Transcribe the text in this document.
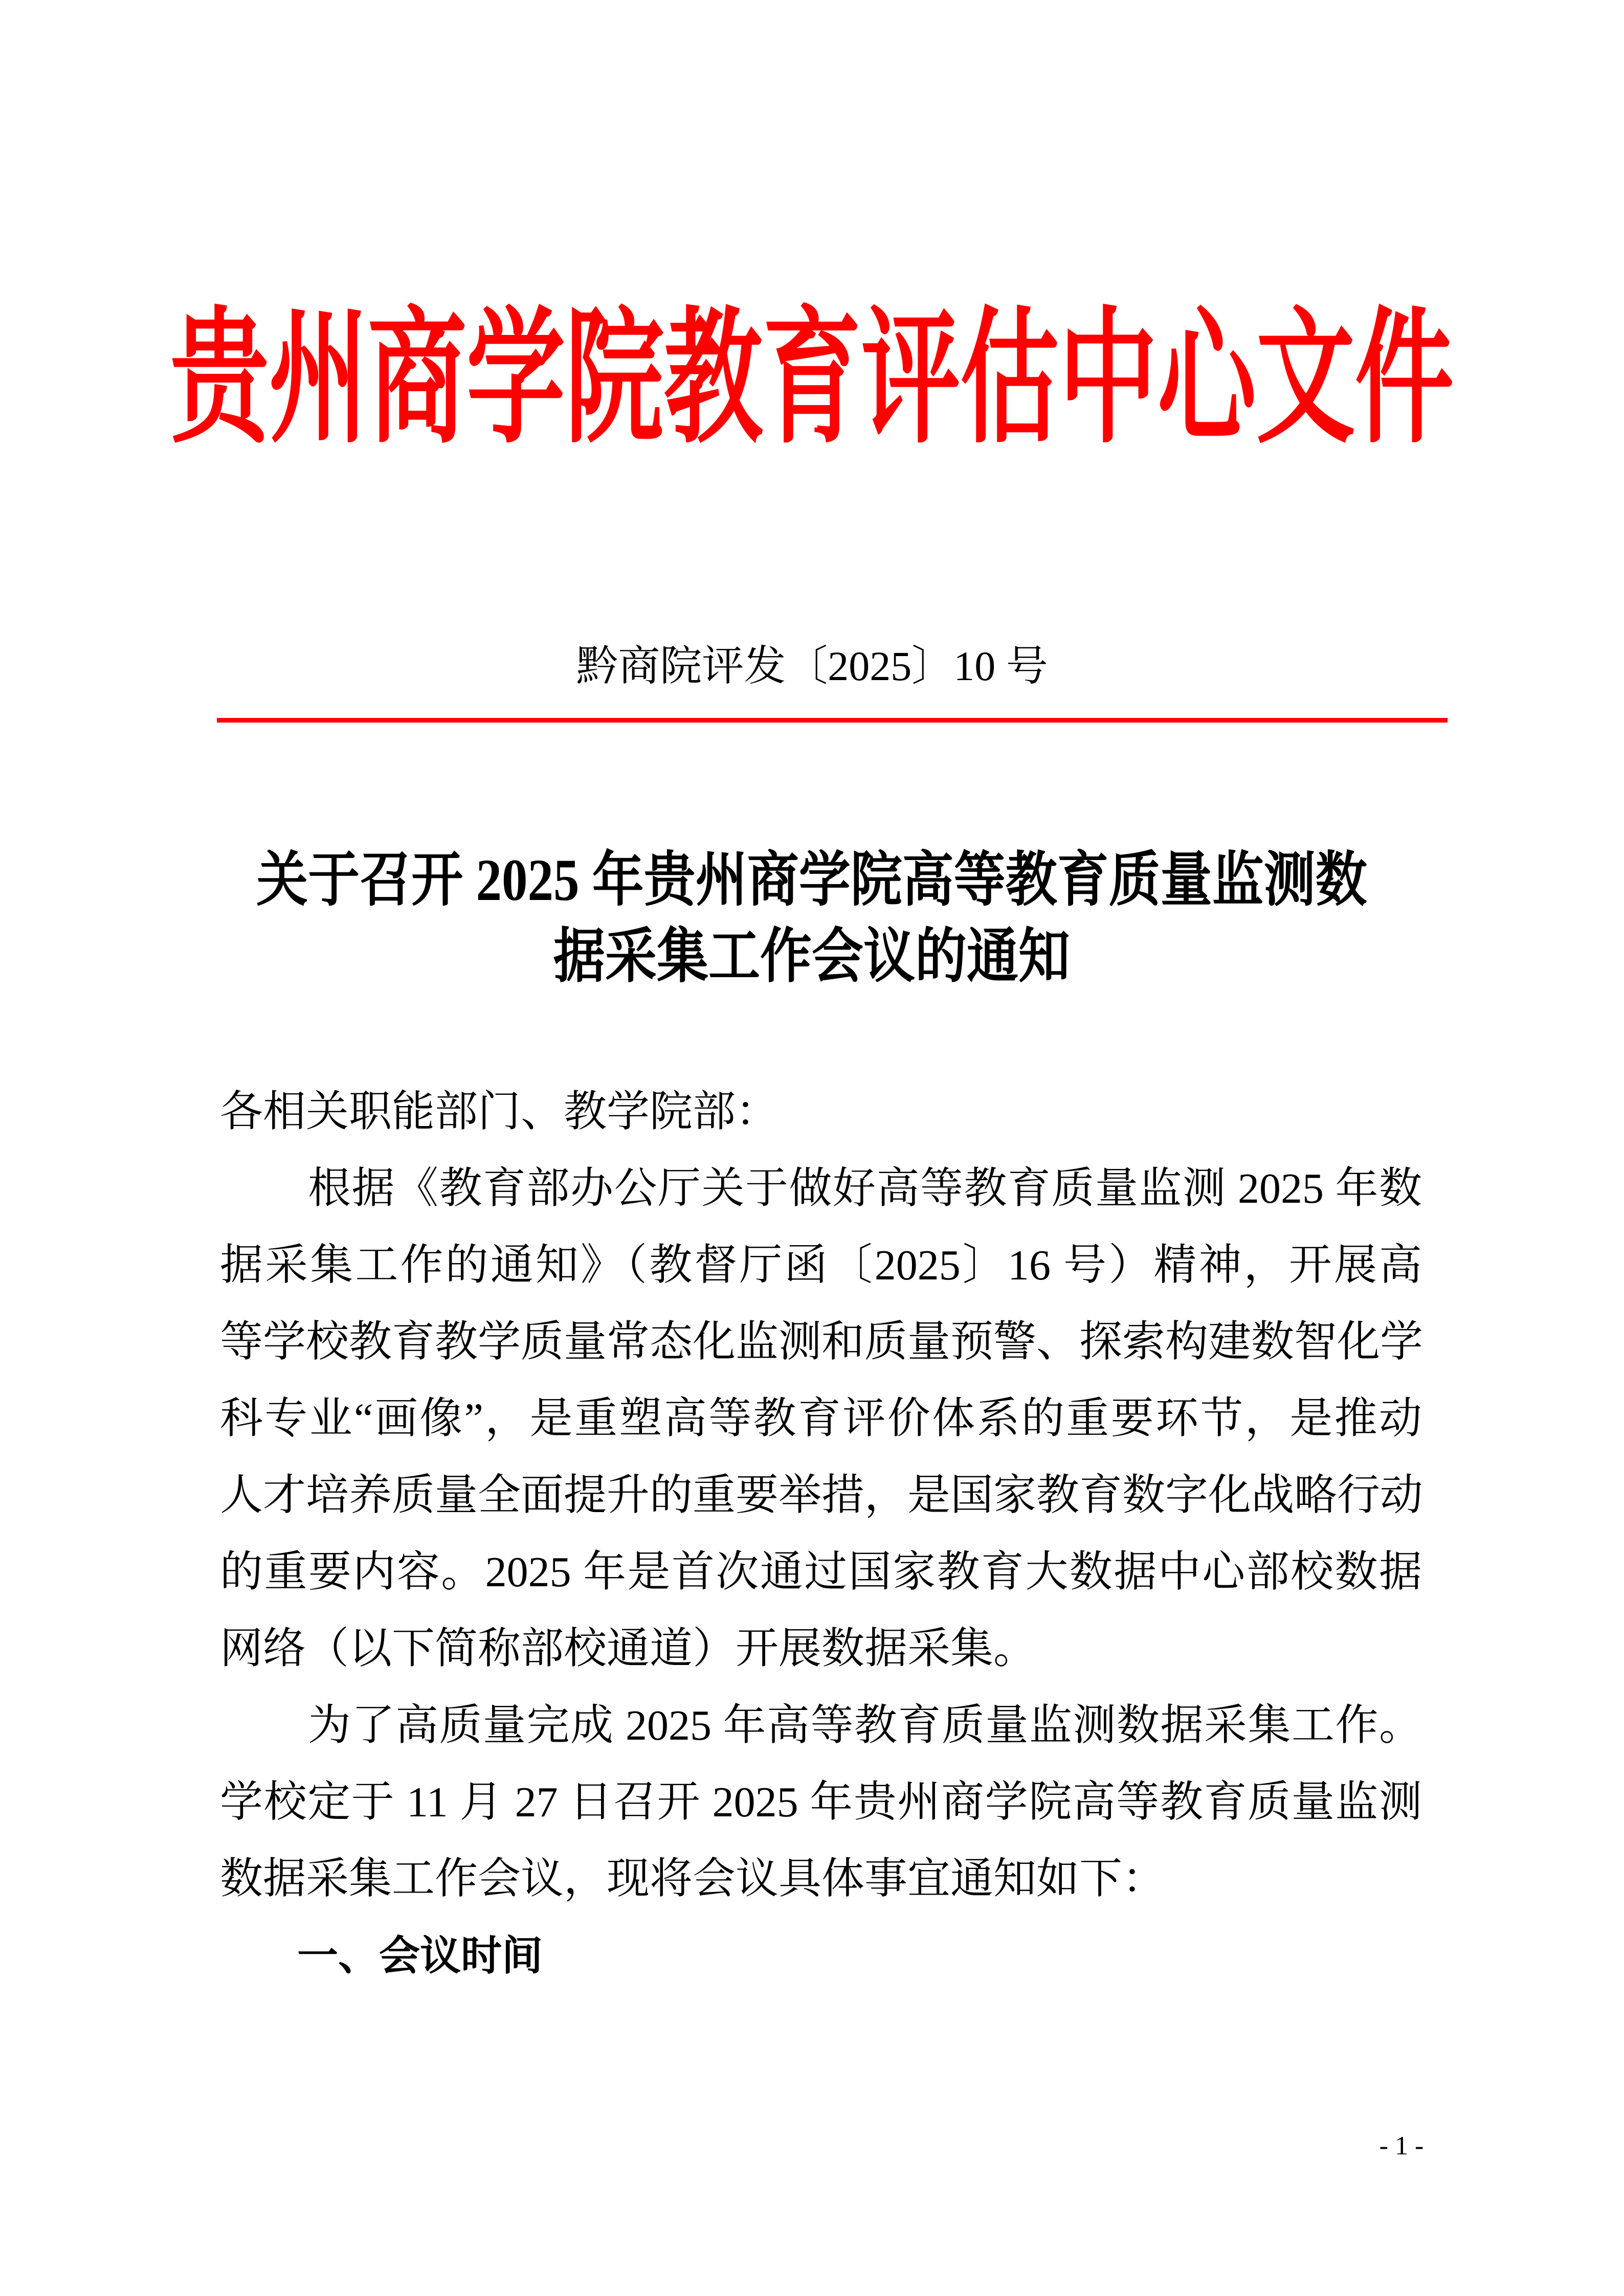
贵州商学院教育评估中心文件
黔商院评发〔2025〕10 号
关于召开 2025 年贵州商学院高等教育质量监测数
据采集工作会议的通知
各相关职能部门、教学院部：
根据《教育部办公厅关于做好高等教育质量监测 2025 年数
据采集工作的通知》（教督厅函〔2025〕16 号）精神，开展高
等学校教育教学质量常态化监测和质量预警、探索构建数智化学
科专业“画像”，是重塑高等教育评价体系的重要环节，是推动
人才培养质量全面提升的重要举措，是国家教育数字化战略行动
的重要内容。2025 年是首次通过国家教育大数据中心部校数据
网络（以下简称部校通道）开展数据采集。
为了高质量完成 2025 年高等教育质量监测数据采集工作。
学校定于 11 月 27 日召开 2025 年贵州商学院高等教育质量监测
数据采集工作会议，现将会议具体事宜通知如下：
一、会议时间
- 1 -
